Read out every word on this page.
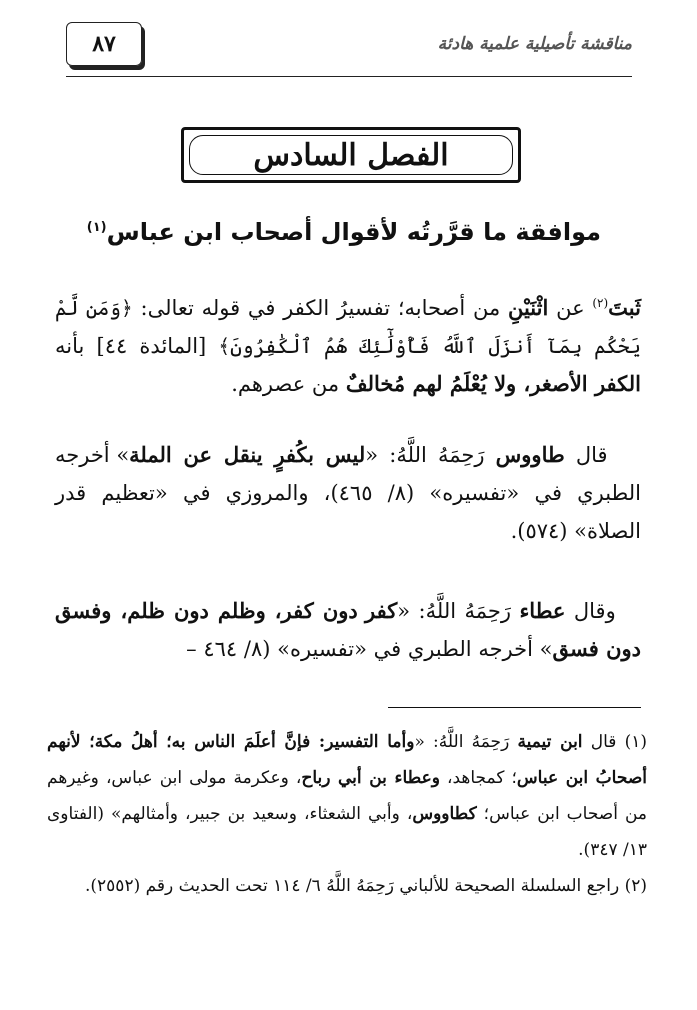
٨٧	مناقشة تأصيلية علمية هادئة
الفصل السادس
موافقة ما قرَّرتُه لأقوال أصحاب ابن عباس$^{(١)}$
ثَبتَ$^{(٢)}$ عن اثْنَيْنِ من أصحابه؛ تفسيرُ الكفر في قوله تعالى: ﴿وَمَن لَّمْ يَحْكُم بِمَآ أَنزَلَ ٱللَّهُ فَأُوْلَٰٓئِكَ هُمُ ٱلْكَٰفِرُونَ﴾ [المائدة ٤٤] بأنه الكفر الأصغر، ولا يُعْلَمُ لهم مُخالفٌ من عصرهم.
قال طاووس رَحِمَهُ اللَّهُ: «ليس بكُفرٍ ينقل عن الملة» أخرجه الطبري في «تفسيره» (٨/ ٤٦٥)، والمروزي في «تعظيم قدر الصلاة» (٥٧٤).
وقال عطاء رَحِمَهُ اللَّهُ: «كفر دون كفر، وظلم دون ظلم، وفسق دون فسق» أخرجه الطبري في «تفسيره» (٨/ ٤٦٤ –
(١) قال ابن تيمية رَحِمَهُ اللَّهُ: «وأما التفسير: فإنَّ أعلَمَ الناس به؛ أهلُ مكة؛ لأنهم أصحابُ ابن عباس؛ كمجاهد، وعطاء بن أبي رباح، وعكرمة مولى ابن عباس، وغيرهم من أصحاب ابن عباس؛ كطاووس، وأبي الشعثاء، وسعيد بن جبير، وأمثالهم» (الفتاوى ١٣/ ٣٤٧).
(٢) راجع السلسلة الصحيحة للألباني رَحِمَهُ اللَّهُ ٦/ ١١٤ تحت الحديث رقم (٢٥٥٢).
